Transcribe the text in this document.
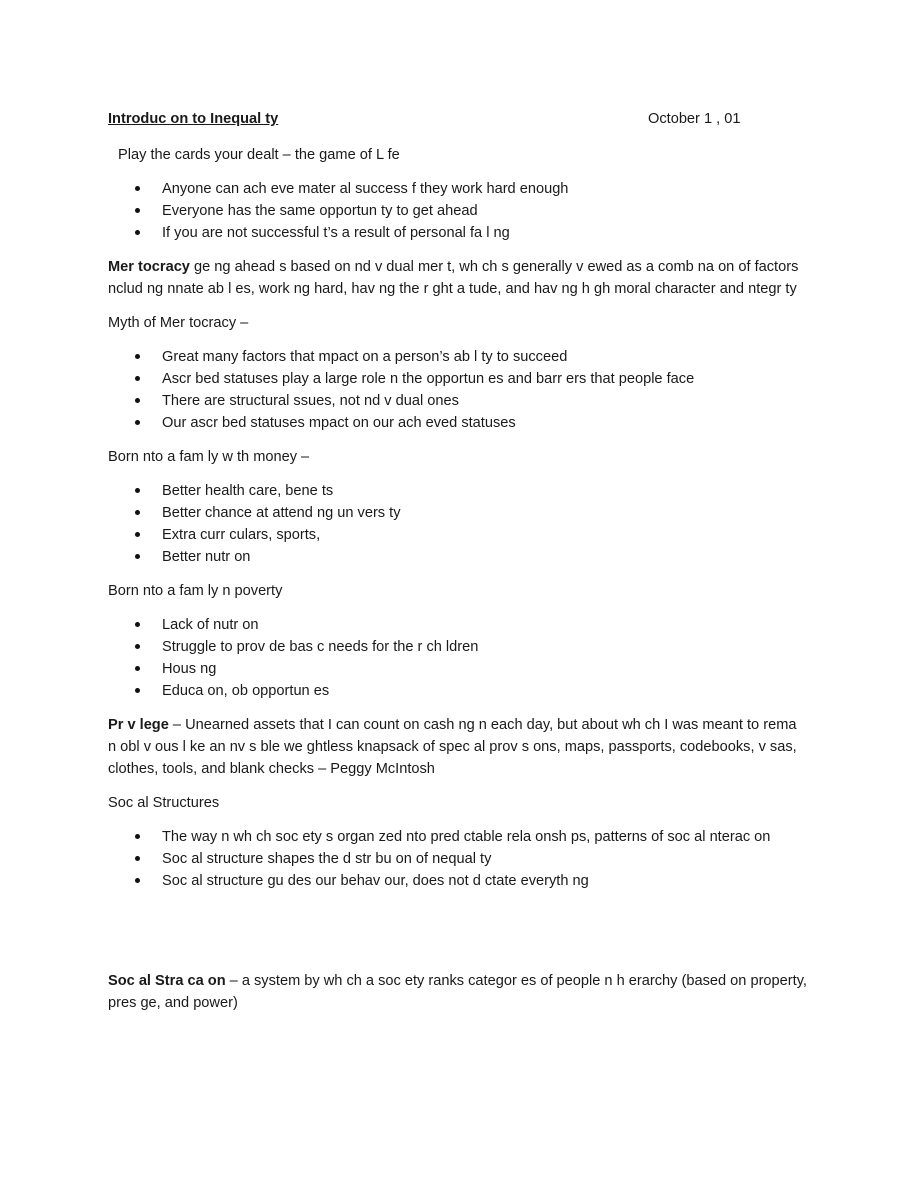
Introduc on to Inequal ty	October 1 , 01

Play the cards your dealt – the game of L fe

Anyone can ach eve mater al success f they work hard enough
Everyone has the same opportun ty to get ahead
If you are not successful t’s a result of personal fa l ng

Mer tocracy ge ng ahead s based on nd v dual mer t, wh ch s generally v ewed as a comb na on of factors nclud ng nnate ab l es, work ng hard, hav ng the r ght a tude, and hav ng h gh moral character and ntegr ty

Myth of Mer tocracy –

Great many factors that mpact on a person’s ab l ty to succeed
Ascr bed statuses play a large role n the opportun es and barr ers that people face
There are structural ssues, not nd v dual ones
Our ascr bed statuses mpact on our ach eved statuses

Born nto a fam ly w th money –

Better health care, bene ts
Better chance at attend ng un vers ty
Extra curr culars, sports,
Better nutr on

Born nto a fam ly n poverty

Lack of nutr on
Struggle to prov de bas c needs for the r ch ldren
Hous ng
Educa on, ob opportun es

Pr v lege – Unearned assets that I can count on cash ng n each day, but about wh ch I was meant to rema n obl v ous l ke an nv s ble we ghtless knapsack of spec al prov s ons, maps, passports, codebooks, v sas, clothes, tools, and blank checks – Peggy McIntosh

Soc al Structures

The way n wh ch soc ety s organ zed nto pred ctable rela onsh ps, patterns of soc al nterac on
Soc al structure shapes the d str bu on of nequal ty
Soc al structure gu des our behav our, does not d ctate everyth ng

Soc al Stra ca on – a system by wh ch a soc ety ranks categor es of people n h erarchy (based on property, pres ge, and power)
